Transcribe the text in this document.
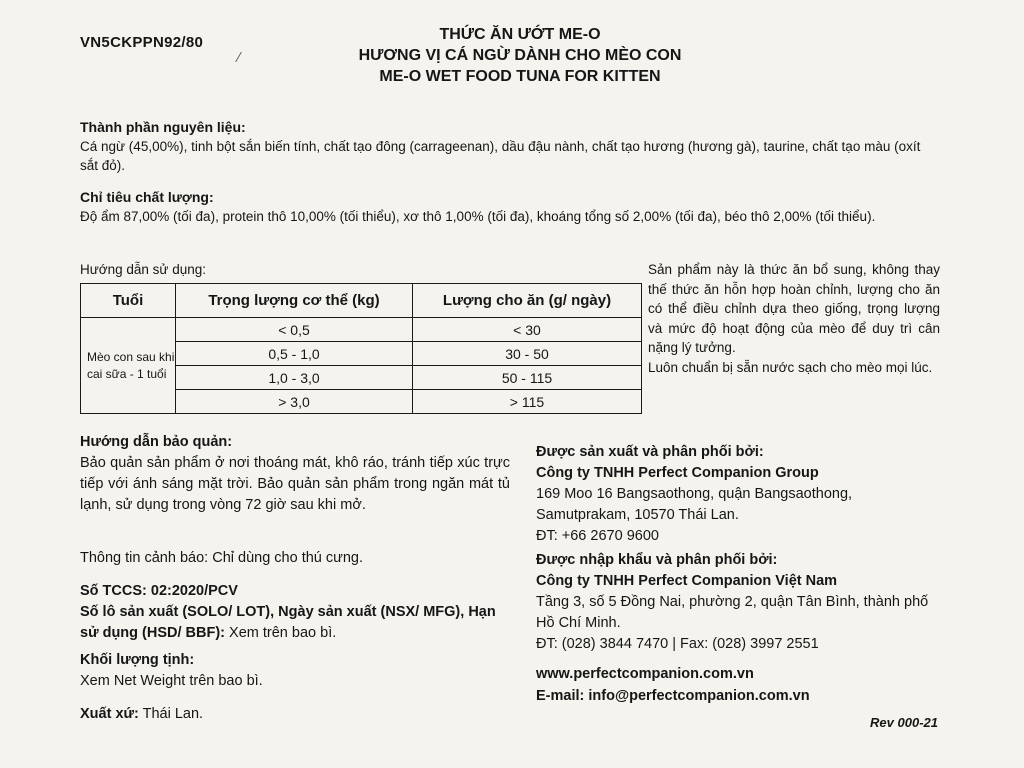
VN5CKPPN92/80	THỨC ĂN ƯỚT ME-O
HƯƠNG VỊ CÁ NGỪ DÀNH CHO MÈO CON
ME-O WET FOOD TUNA FOR KITTEN
Thành phần nguyên liệu:
Cá ngừ (45,00%), tinh bột sắn biến tính, chất tạo đông (carrageenan), dầu đậu nành, chất tạo hương (hương gà), taurine, chất tạo màu (oxít sắt đỏ).
Chỉ tiêu chất lượng:
Độ ẩm 87,00% (tối đa), protein thô 10,00% (tối thiểu), xơ thô 1,00% (tối đa), khoáng tổng số 2,00% (tối đa), béo thô 2,00% (tối thiểu).
Hướng dẫn sử dụng:
Tuổi	Trọng lượng cơ thể (kg)	Lượng cho ăn (g/ ngày)
Mèo con sau khi cai sữa - 1 tuổi	< 0,5	< 30
	0,5 - 1,0	30 - 50
	1,0 - 3,0	50 - 115
	> 3,0	> 115
Sản phẩm này là thức ăn bổ sung, không thay thế thức ăn hỗn hợp hoàn chỉnh, lượng cho ăn có thể điều chỉnh dựa theo giống, trọng lượng và mức độ hoạt động của mèo để duy trì cân nặng lý tưởng.
Luôn chuẩn bị sẵn nước sạch cho mèo mọi lúc.
Hướng dẫn bảo quản:
Bảo quản sản phẩm ở nơi thoáng mát, khô ráo, tránh tiếp xúc trực tiếp với ánh sáng mặt trời. Bảo quản sản phẩm trong ngăn mát tủ lạnh, sử dụng trong vòng 72 giờ sau khi mở.
Thông tin cảnh báo: Chỉ dùng cho thú cưng.
Số TCCS: 02:2020/PCV
Số lô sản xuất (SOLO/ LOT), Ngày sản xuất (NSX/ MFG), Hạn sử dụng (HSD/ BBF): Xem trên bao bì.
Khối lượng tịnh:
Xem Net Weight trên bao bì.
Xuất xứ: Thái Lan.
Được sản xuất và phân phối bởi:
Công ty TNHH Perfect Companion Group
169 Moo 16 Bangsaothong, quận Bangsaothong, Samutprakam, 10570 Thái Lan.
ĐT: +66 2670 9600
Được nhập khẩu và phân phối bởi:
Công ty TNHH Perfect Companion Việt Nam
Tầng 3, số 5 Đồng Nai, phường 2, quận Tân Bình, thành phố Hồ Chí Minh.
ĐT: (028) 3844 7470 | Fax: (028) 3997 2551
www.perfectcompanion.com.vn
E-mail: info@perfectcompanion.com.vn
Rev 000-21
